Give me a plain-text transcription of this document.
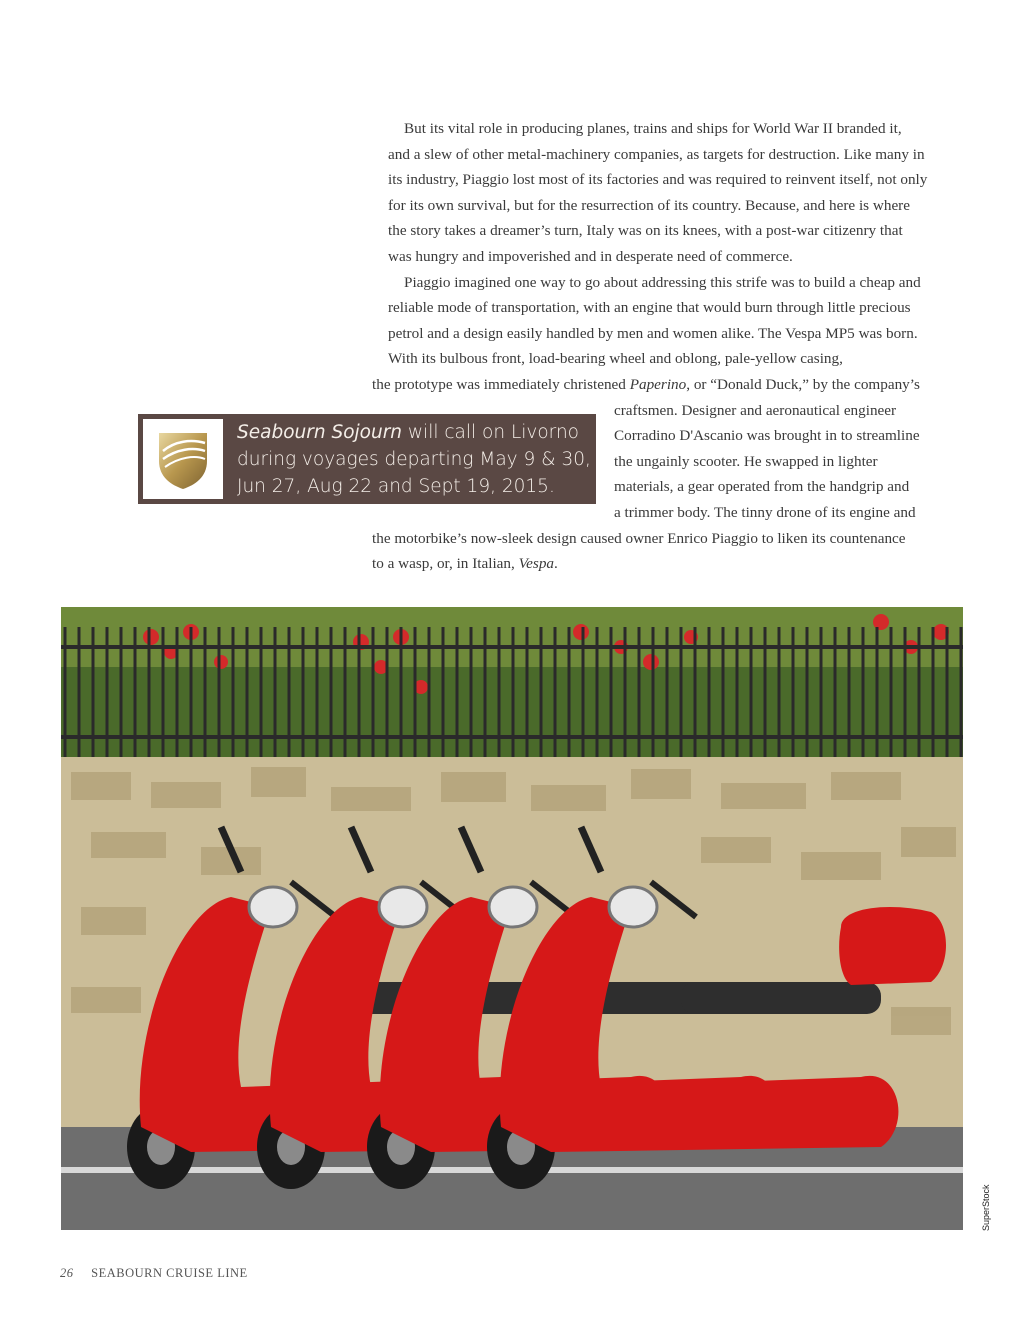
But its vital role in producing planes, trains and ships for World War II branded it,
and a slew of other metal-machinery companies, as targets for destruction. Like many in
its industry, Piaggio lost most of its factories and was required to reinvent itself, not only
for its own survival, but for the resurrection of its country. Because, and here is where
the story takes a dreamer’s turn, Italy was on its knees, with a post-war citizenry that
was hungry and impoverished and in desperate need of commerce.

Piaggio imagined one way to go about addressing this strife was to build a cheap and
reliable mode of transportation, with an engine that would burn through little precious
petrol and a design easily handled by men and women alike. The Vespa MP5 was born.

With its bulbous front, load-bearing wheel and oblong, pale-yellow casing,
the prototype was immediately christened Paperino, or “Donald Duck,” by the company’s
craftsmen. Designer and aeronautical engineer
Corradino D'Ascanio was brought in to streamline
the ungainly scooter. He swapped in lighter
materials, a gear operated from the handgrip and
a trimmer body. The tinny drone of its engine and
the motorbike’s now-sleek design caused owner Enrico Piaggio to liken its countenance
to a wasp, or, in Italian, Vespa.

Seabourn Sojourn will call on Livorno
during voyages departing May 9 & 30,
Jun 27, Aug 22 and Sept 19, 2015.
SuperStock
26 SEABOURN CRUISE LINE
